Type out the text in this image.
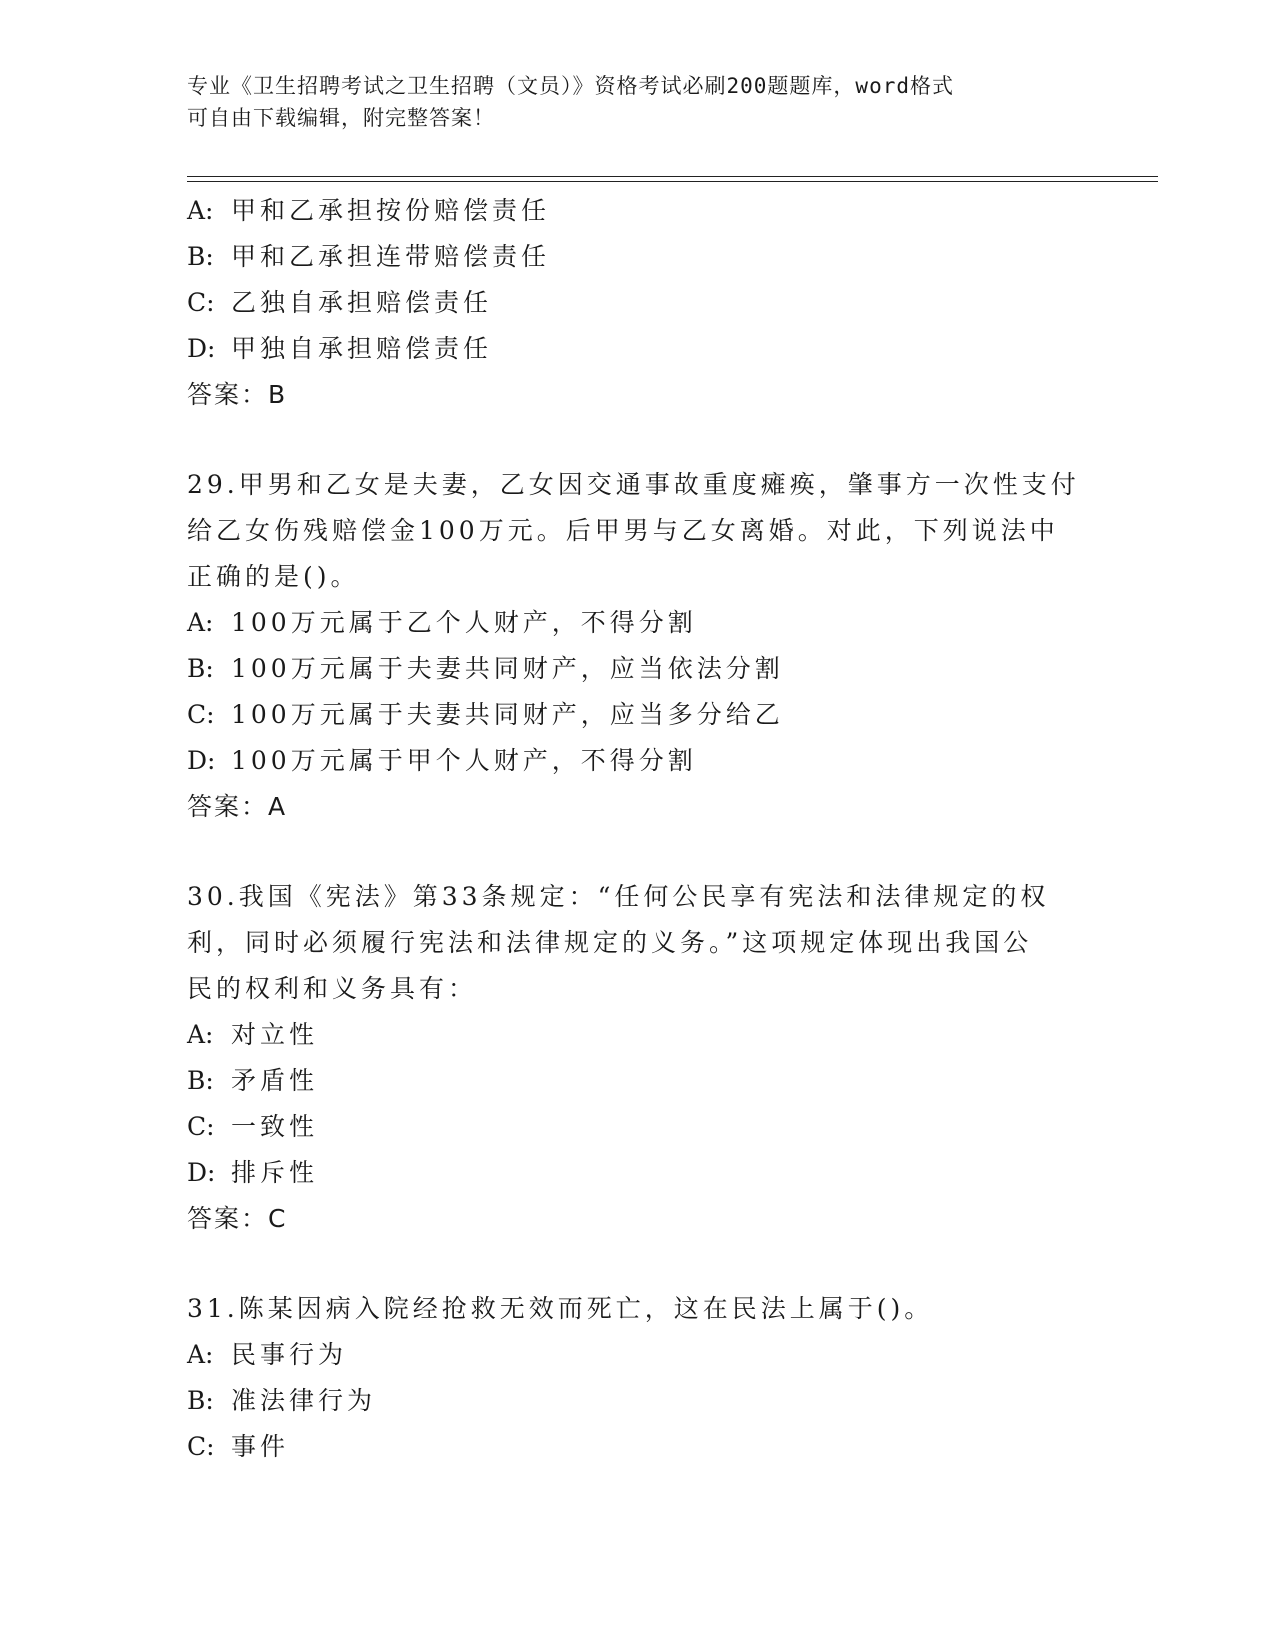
专业《卫生招聘考试之卫生招聘（文员）》资格考试必刷200题题库，word格式
可自由下载编辑，附完整答案！
A: 甲和乙承担按份赔偿责任
B: 甲和乙承担连带赔偿责任
C: 乙独自承担赔偿责任
D: 甲独自承担赔偿责任
答案：B
29.甲男和乙女是夫妻，乙女因交通事故重度瘫痪，肇事方一次性支付
给乙女伤残赔偿金100万元。后甲男与乙女离婚。对此，下列说法中
正确的是()。
A: 100万元属于乙个人财产，不得分割
B: 100万元属于夫妻共同财产，应当依法分割
C: 100万元属于夫妻共同财产，应当多分给乙
D: 100万元属于甲个人财产，不得分割
答案：A
30.我国《宪法》第33条规定：“任何公民享有宪法和法律规定的权
利，同时必须履行宪法和法律规定的义务。”这项规定体现出我国公
民的权利和义务具有：
A: 对立性
B: 矛盾性
C: 一致性
D: 排斥性
答案：C
31.陈某因病入院经抢救无效而死亡，这在民法上属于()。
A: 民事行为
B: 准法律行为
C: 事件
